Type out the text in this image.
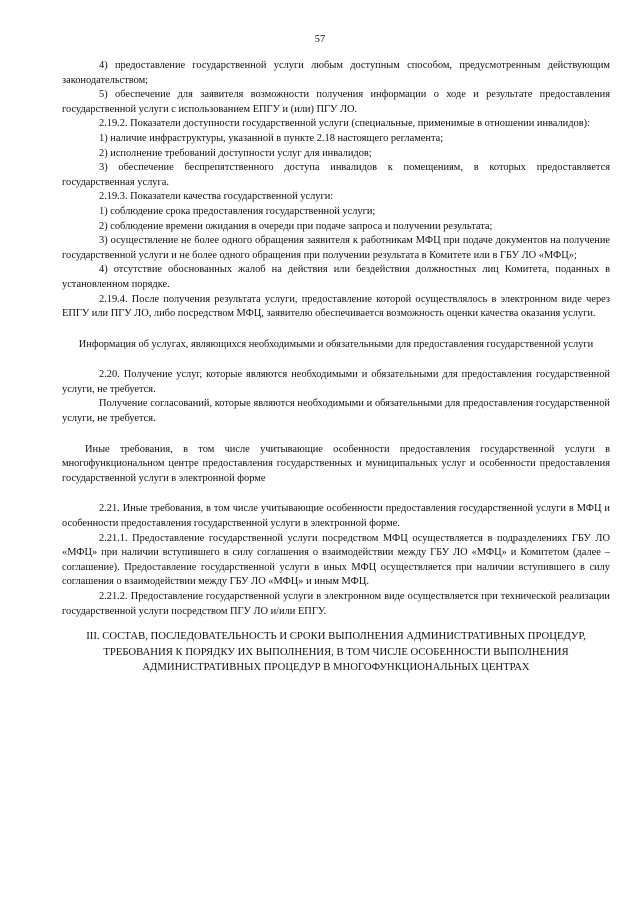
57

4) предоставление государственной услуги любым доступным способом, предусмотренным действующим законодательством;

5) обеспечение для заявителя возможности получения информации о ходе и результате предоставления государственной услуги с использованием ЕПГУ и (или) ПГУ ЛО.

2.19.2. Показатели доступности государственной услуги (специальные, применимые в отношении инвалидов):

1) наличие инфраструктуры, указанной в пункте 2.18 настоящего регламента;

2) исполнение требований доступности услуг для инвалидов;

3) обеспечение беспрепятственного доступа инвалидов к помещениям, в которых предоставляется государственная услуга.

2.19.3. Показатели качества государственной услуги:

1) соблюдение срока предоставления государственной услуги;

2) соблюдение времени ожидания в очереди при подаче запроса и получении результата;

3) осуществление не более одного обращения заявителя к работникам МФЦ при подаче документов на получение государственной услуги и не более одного обращения при получении результата в Комитете или в ГБУ ЛО «МФЦ»;

4) отсутствие обоснованных жалоб на действия или бездействия должностных лиц Комитета, поданных в установленном порядке.

2.19.4. После получения результата услуги, предоставление которой осуществлялось в электронном виде через ЕПГУ или ПГУ ЛО, либо посредством МФЦ, заявителю обеспечивается возможность оценки качества оказания услуги.

Информация об услугах, являющихся необходимыми и обязательными для предоставления государственной услуги

2.20. Получение услуг, которые являются необходимыми и обязательными для предоставления государственной услуги, не требуется.

Получение согласований, которые являются необходимыми и обязательными для предоставления государственной услуги, не требуется.

Иные требования, в том числе учитывающие особенности предоставления государственной услуги в многофункциональном центре предоставления государственных и муниципальных услуг и особенности предоставления государственной услуги в электронной форме

2.21. Иные требования, в том числе учитывающие особенности предоставления государственной услуги в МФЦ и особенности предоставления государственной услуги в электронной форме.

2.21.1. Предоставление государственной услуги посредством МФЦ осуществляется в подразделениях ГБУ ЛО «МФЦ» при наличии вступившего в силу соглашения о взаимодействии между ГБУ ЛО «МФЦ» и Комитетом (далее – соглашение). Предоставление государственной услуги в иных МФЦ осуществляется при наличии вступившего в силу соглашения о взаимодействии между ГБУ ЛО «МФЦ» и иным МФЦ.

2.21.2. Предоставление государственной услуги в электронном виде осуществляется при технической реализации государственной услуги посредством ПГУ ЛО и/или ЕПГУ.

III. СОСТАВ, ПОСЛЕДОВАТЕЛЬНОСТЬ И СРОКИ ВЫПОЛНЕНИЯ АДМИНИСТРАТИВНЫХ ПРОЦЕДУР, ТРЕБОВАНИЯ К ПОРЯДКУ ИХ ВЫПОЛНЕНИЯ, В ТОМ ЧИСЛЕ ОСОБЕННОСТИ ВЫПОЛНЕНИЯ АДМИНИСТРАТИВНЫХ ПРОЦЕДУР В МНОГОФУНКЦИОНАЛЬНЫХ ЦЕНТРАХ
